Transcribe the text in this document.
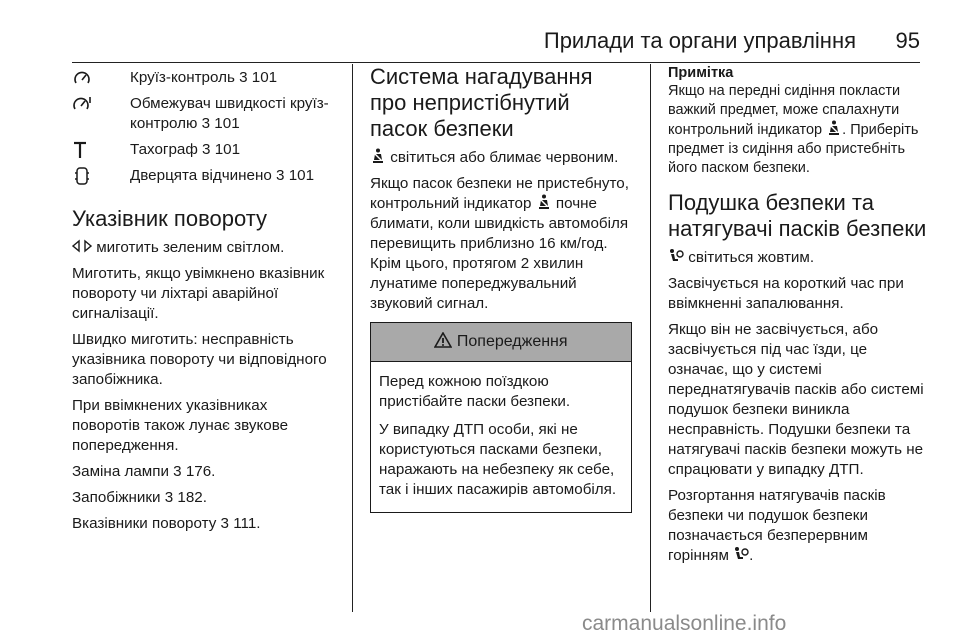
Прилади та органи управління 95
Круїз-контроль 3 101
Обмежувач швидкості круїз-контролю 3 101
Тахограф 3 101
Дверцята відчинено 3 101
Указівник повороту

миготить зеленим світлом.

Миготить, якщо увімкнено вказівник повороту чи ліхтарі аварійної сигналізації.

Швидко миготить: несправність указівника повороту чи відповідного запобіжника.

При ввімкнених указівниках поворотів також лунає звукове попередження.

Заміна лампи 3 176.

Запобіжники 3 182.

Вказівники повороту 3 111.

Система нагадування про непристібнутий пасок безпеки

світиться або блимає червоним.

Якщо пасок безпеки не пристебнуто, контрольний індикатор почне блимати, коли швидкість автомобіля перевищить приблизно 16 км/год. Крім цього, протягом 2 хвилин лунатиме попереджувальний звуковий сигнал.

Попередження

Перед кожною поїздкою пристібайте паски безпеки.

У випадку ДТП особи, які не користуються пасками безпеки, наражають на небезпеку як себе, так і інших пасажирів автомобіля.

Примітка

Якщо на передні сидіння покласти важкий предмет, може спалахнути контрольний індикатор . Приберіть предмет із сидіння або пристебніть його паском безпеки.

Подушка безпеки та натягувачі пасків безпеки

світиться жовтим.

Засвічується на короткий час при ввімкненні запалювання.

Якщо він не засвічується, або засвічується під час їзди, це означає, що у системі переднатягувачів пасків або системі подушок безпеки виникла несправність. Подушки безпеки та натягувачі пасків безпеки можуть не спрацювати у випадку ДТП.

Розгортання натягувачів пасків безпеки чи подушок безпеки позначається безперервним горінням .

carmanualsonline.info
